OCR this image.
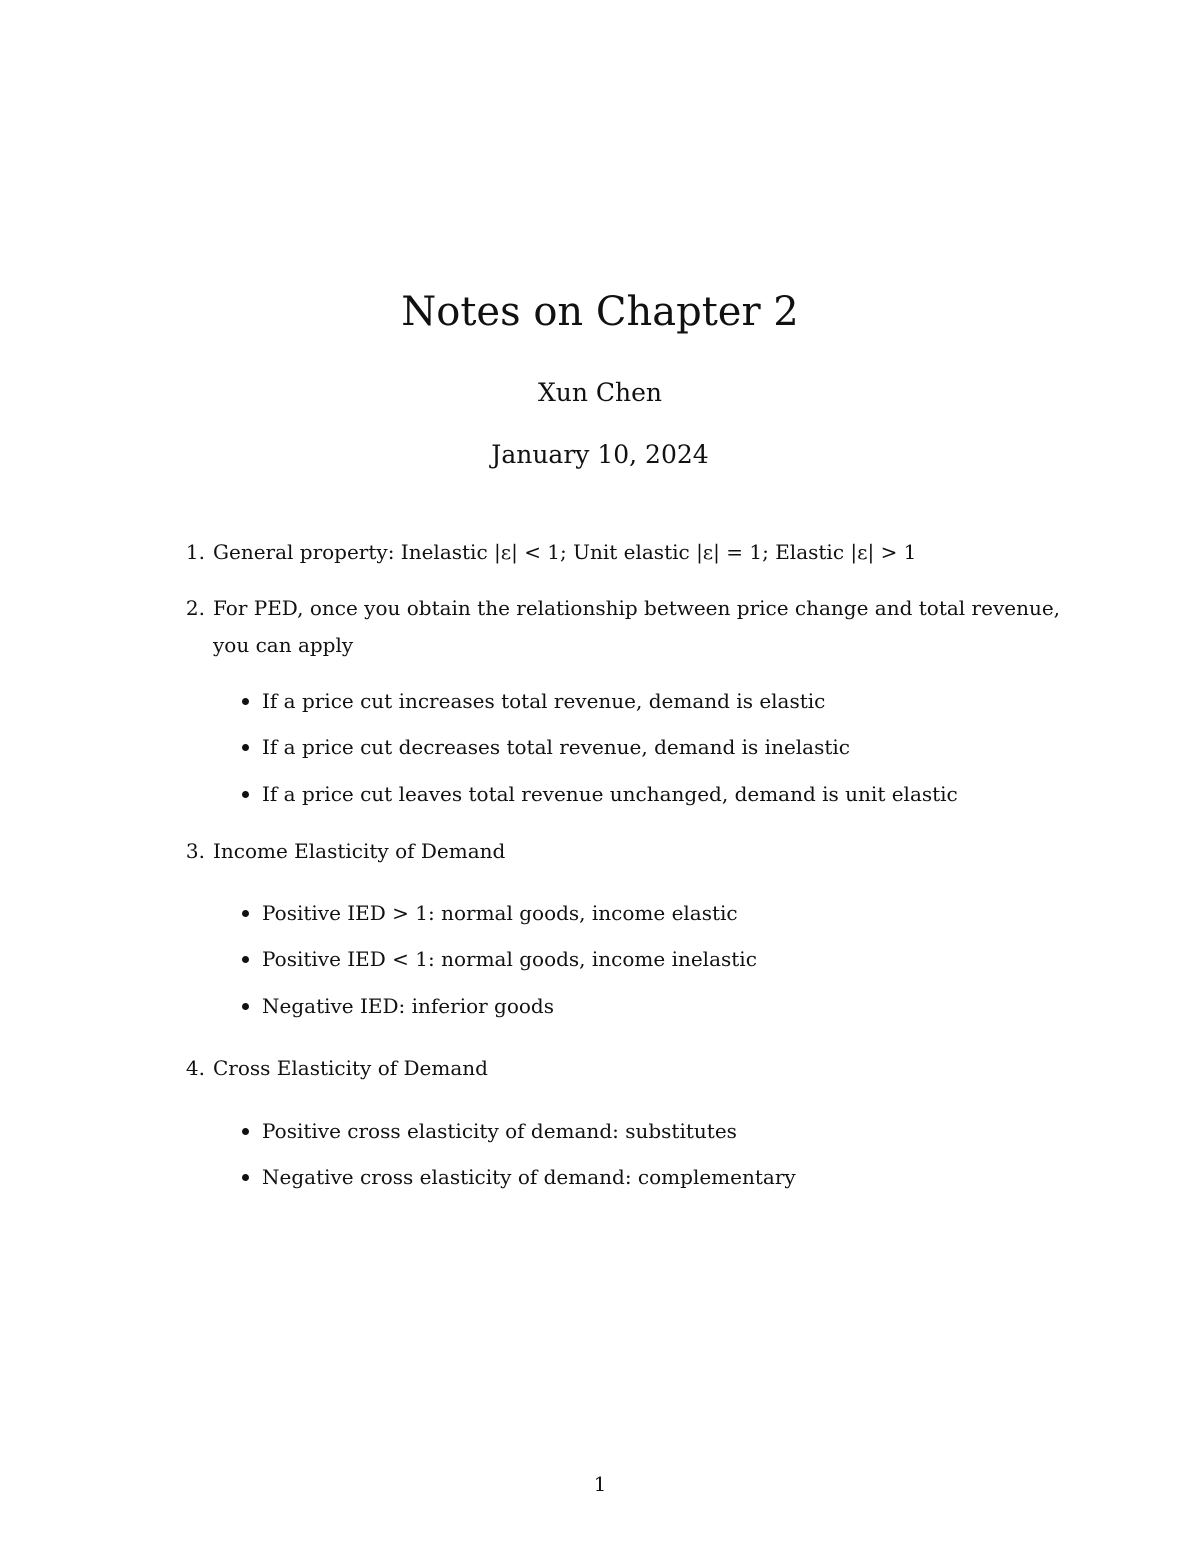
Notes on Chapter 2
Xun Chen
January 10, 2024
1. General property: Inelastic |ε| < 1; Unit elastic |ε| = 1; Elastic |ε| > 1
2. For PED, once you obtain the relationship between price change and total revenue,
you can apply
If a price cut increases total revenue, demand is elastic
If a price cut decreases total revenue, demand is inelastic
If a price cut leaves total revenue unchanged, demand is unit elastic
3. Income Elasticity of Demand
Positive IED > 1: normal goods, income elastic
Positive IED < 1: normal goods, income inelastic
Negative IED: inferior goods
4. Cross Elasticity of Demand
Positive cross elasticity of demand: substitutes
Negative cross elasticity of demand: complementary
1
